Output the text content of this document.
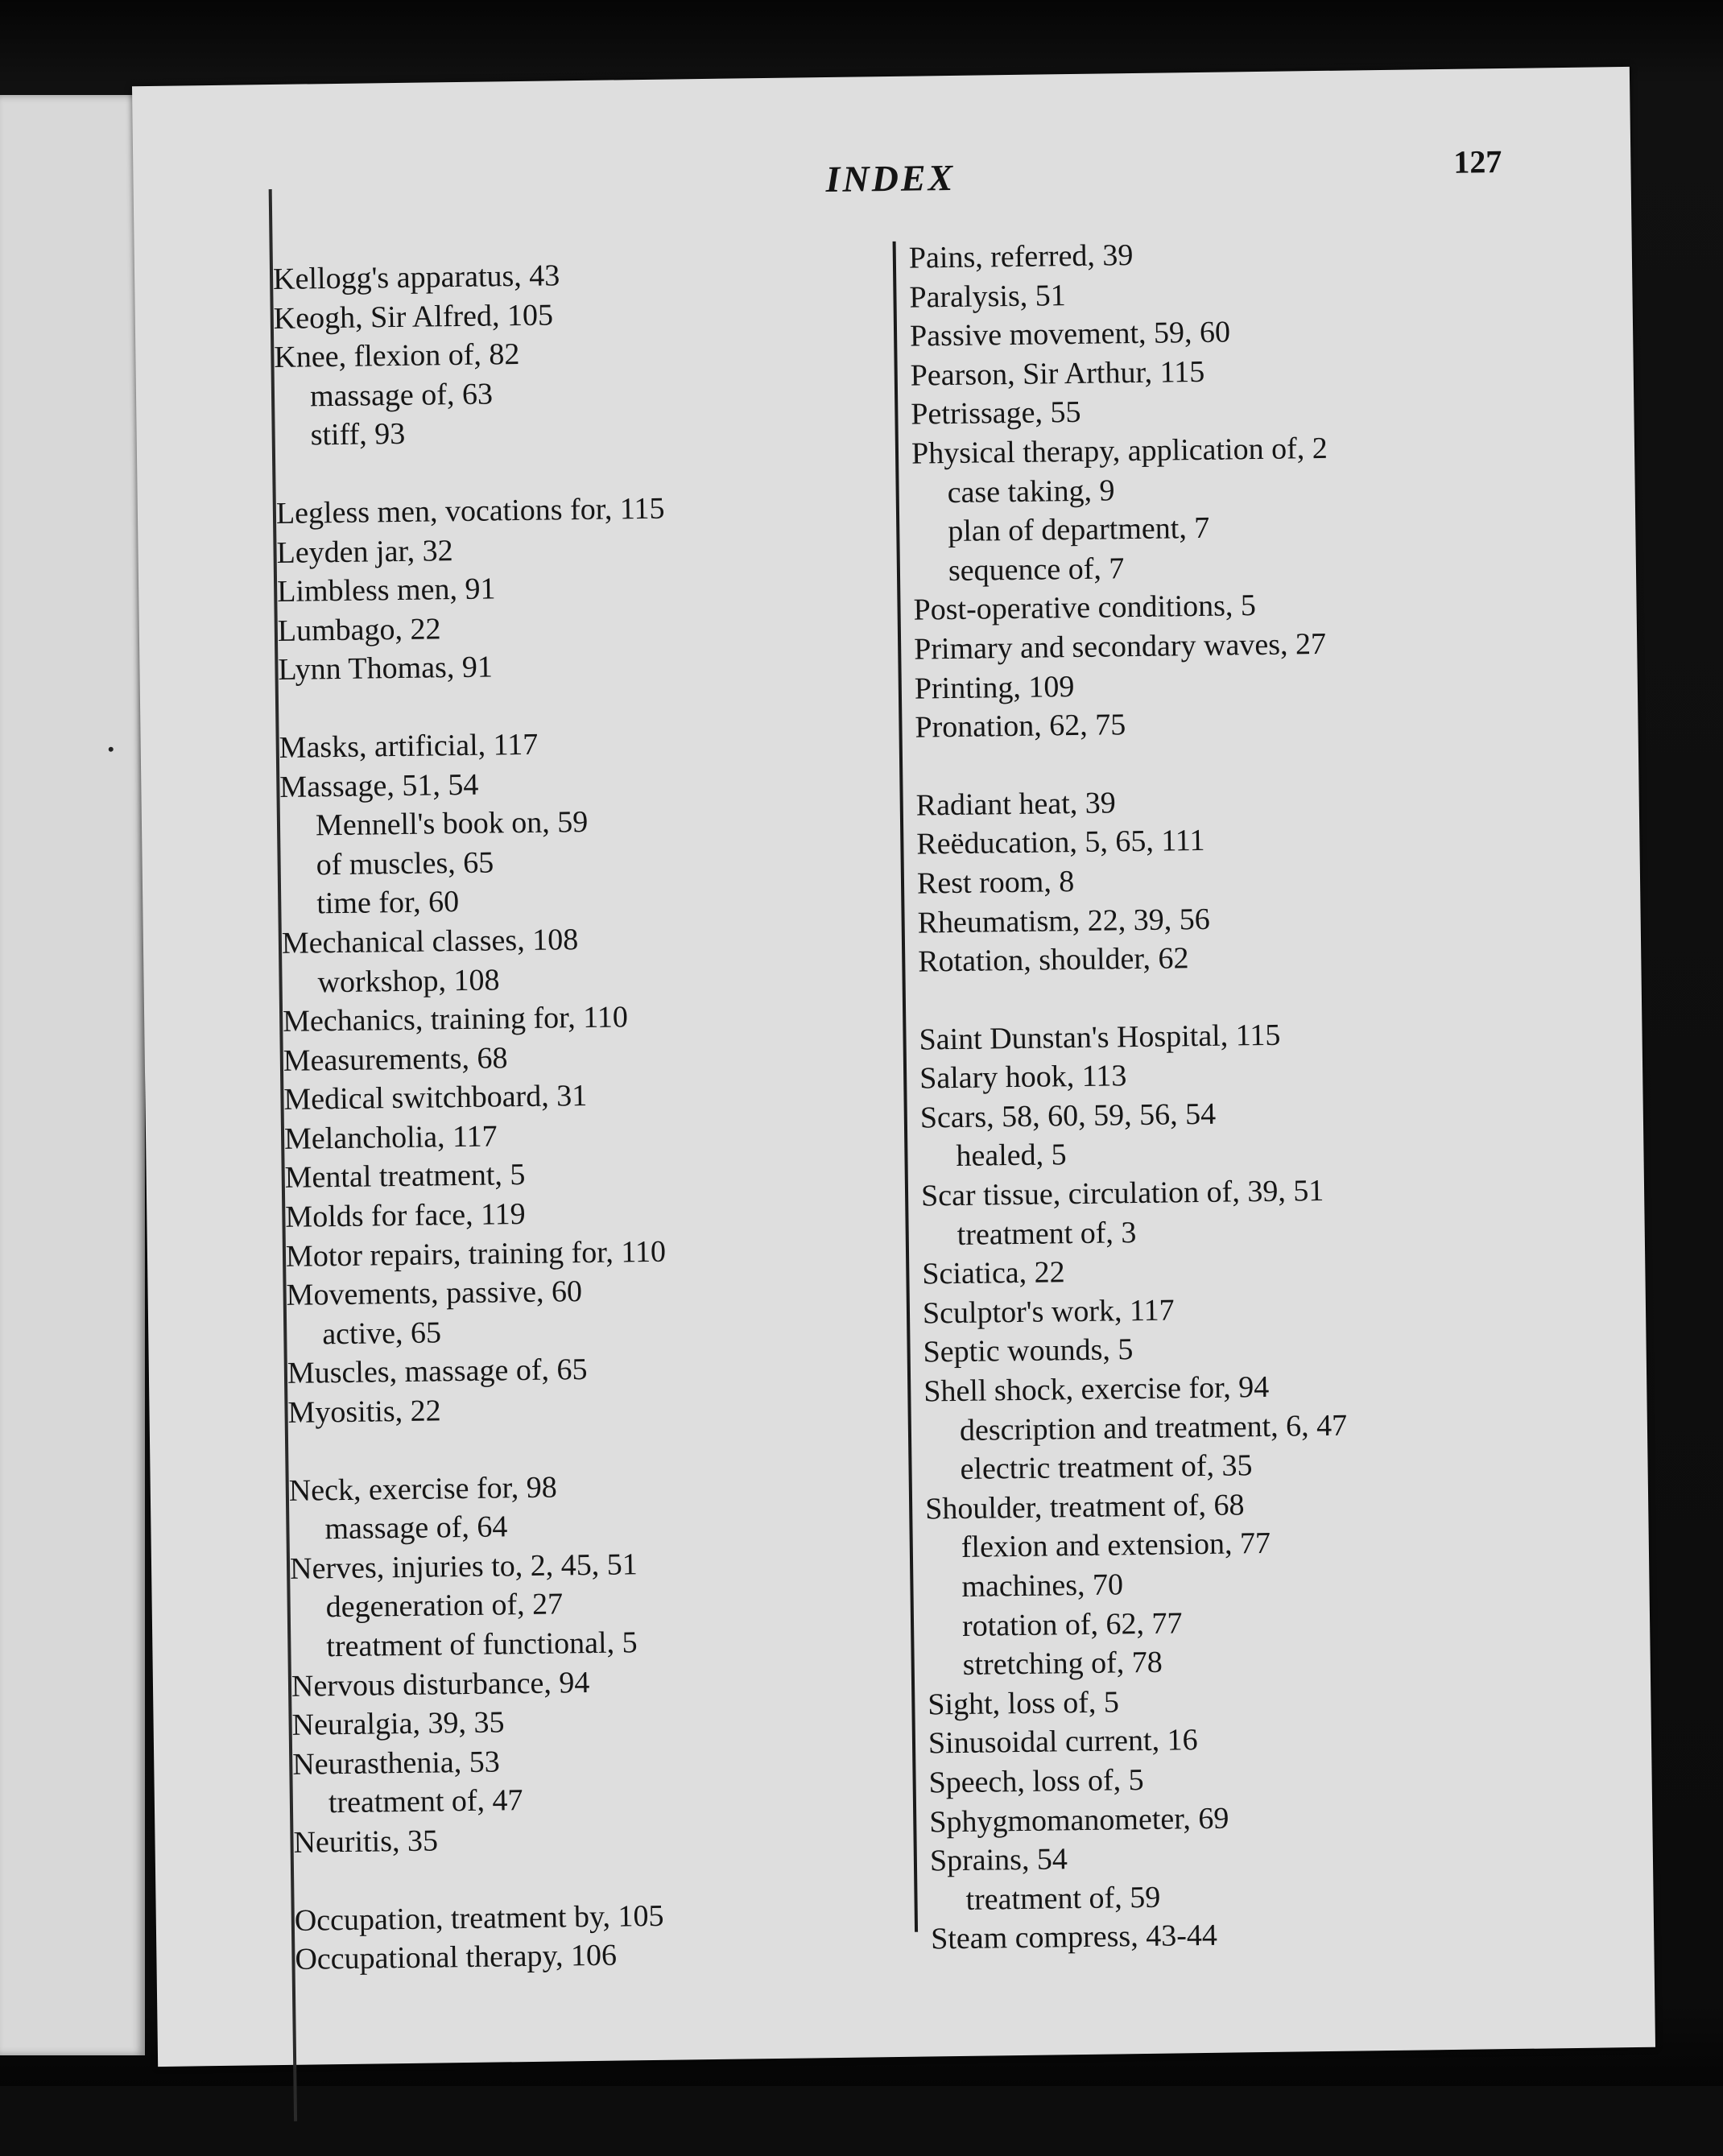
INDEX	127
Kellogg's apparatus, 43
Keogh, Sir Alfred, 105
Knee, flexion of, 82
massage of, 63
stiff, 93
Legless men, vocations for, 115
Leyden jar, 32
Limbless men, 91
Lumbago, 22
Lynn Thomas, 91
Masks, artificial, 117
Massage, 51, 54
Mennell's book on, 59
of muscles, 65
time for, 60
Mechanical classes, 108
workshop, 108
Mechanics, training for, 110
Measurements, 68
Medical switchboard, 31
Melancholia, 117
Mental treatment, 5
Molds for face, 119
Motor repairs, training for, 110
Movements, passive, 60
active, 65
Muscles, massage of, 65
Myositis, 22
Neck, exercise for, 98
massage of, 64
Nerves, injuries to, 2, 45, 51
degeneration of, 27
treatment of functional, 5
Nervous disturbance, 94
Neuralgia, 39, 35
Neurasthenia, 53
treatment of, 47
Neuritis, 35
Occupation, treatment by, 105
Occupational therapy, 106
Pains, referred, 39
Paralysis, 51
Passive movement, 59, 60
Pearson, Sir Arthur, 115
Petrissage, 55
Physical therapy, application of, 2
case taking, 9
plan of department, 7
sequence of, 7
Post-operative conditions, 5
Primary and secondary waves, 27
Printing, 109
Pronation, 62, 75
Radiant heat, 39
Reëducation, 5, 65, 111
Rest room, 8
Rheumatism, 22, 39, 56
Rotation, shoulder, 62
Saint Dunstan's Hospital, 115
Salary hook, 113
Scars, 58, 60, 59, 56, 54
healed, 5
Scar tissue, circulation of, 39, 51
treatment of, 3
Sciatica, 22
Sculptor's work, 117
Septic wounds, 5
Shell shock, exercise for, 94
description and treatment, 6, 47
electric treatment of, 35
Shoulder, treatment of, 68
flexion and extension, 77
machines, 70
rotation of, 62, 77
stretching of, 78
Sight, loss of, 5
Sinusoidal current, 16
Speech, loss of, 5
Sphygmomanometer, 69
Sprains, 54
treatment of, 59
Steam compress, 43-44
